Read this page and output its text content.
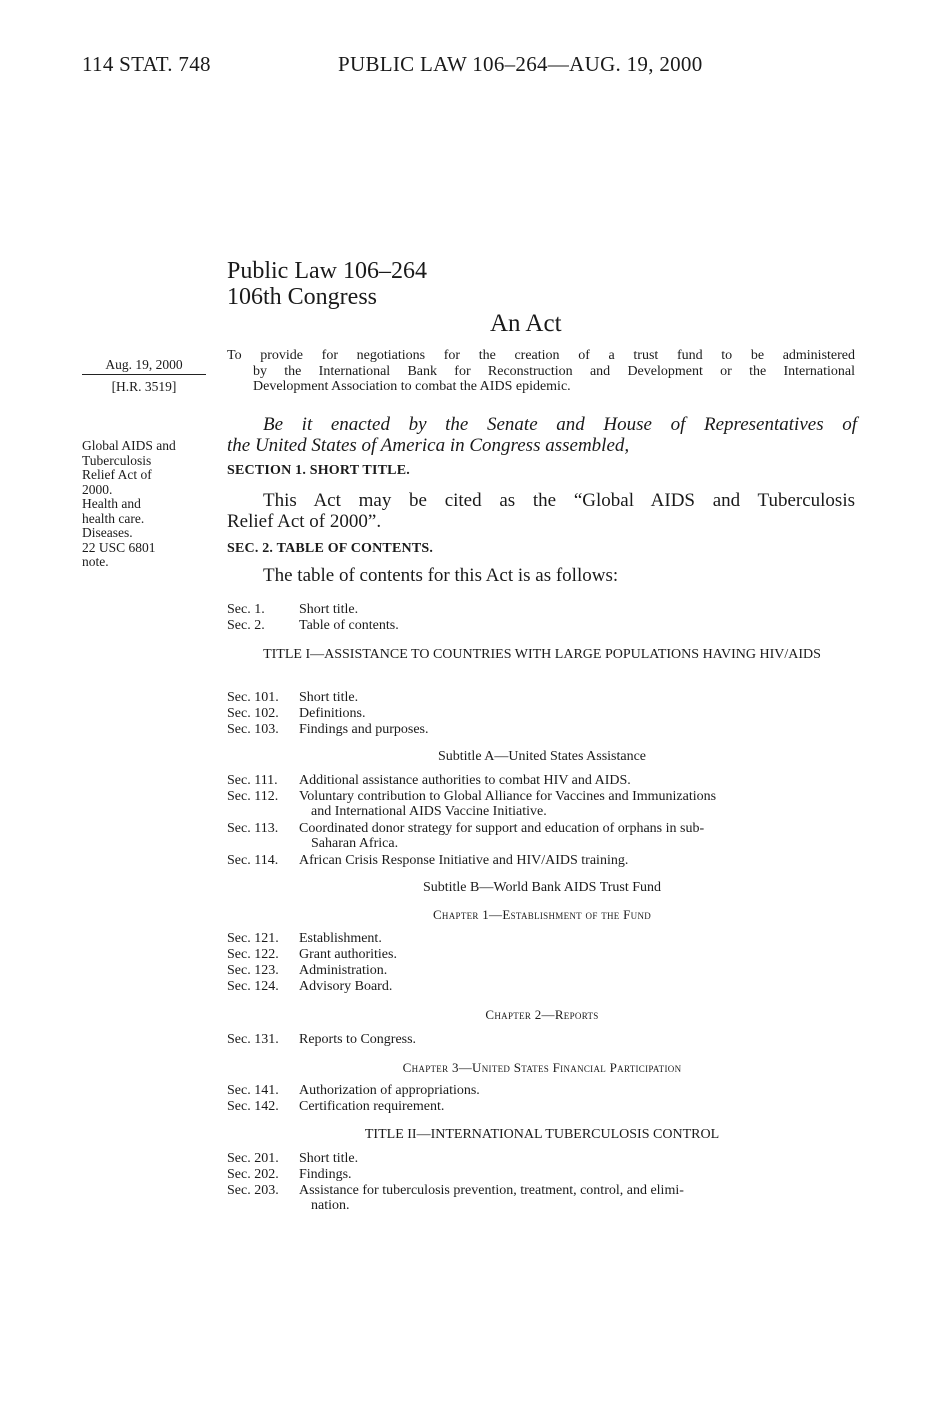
114 STAT. 748	PUBLIC LAW 106–264—AUG. 19, 2000
Public Law 106–264
106th Congress
An Act
Aug. 19, 2000
[H.R. 3519]
Global AIDS and
Tuberculosis
Relief Act of
2000.
Health and
health care.
Diseases.
22 USC 6801
note.
To provide for negotiations for the creation of a trust fund to be administered
by the International Bank for Reconstruction and Development or the International
Development Association to combat the AIDS epidemic.
Be it enacted by the Senate and House of Representatives of
the United States of America in Congress assembled,
SECTION 1. SHORT TITLE.
This Act may be cited as the “Global AIDS and Tuberculosis
Relief Act of 2000”.
SEC. 2. TABLE OF CONTENTS.
The table of contents for this Act is as follows:
Sec. 1. Short title.
Sec. 2. Table of contents.
TITLE I—ASSISTANCE TO COUNTRIES WITH LARGE POPULATIONS HAVING HIV/AIDS
Sec. 101. Short title.
Sec. 102. Definitions.
Sec. 103. Findings and purposes.
Subtitle A—United States Assistance
Sec. 111. Additional assistance authorities to combat HIV and AIDS.
Sec. 112. Voluntary contribution to Global Alliance for Vaccines and Immunizations
and International AIDS Vaccine Initiative.
Sec. 113. Coordinated donor strategy for support and education of orphans in sub-
Saharan Africa.
Sec. 114. African Crisis Response Initiative and HIV/AIDS training.
Subtitle B—World Bank AIDS Trust Fund
Chapter 1—Establishment of the Fund
Sec. 121. Establishment.
Sec. 122. Grant authorities.
Sec. 123. Administration.
Sec. 124. Advisory Board.
Chapter 2—Reports
Sec. 131. Reports to Congress.
Chapter 3—United States Financial Participation
Sec. 141. Authorization of appropriations.
Sec. 142. Certification requirement.
TITLE II—INTERNATIONAL TUBERCULOSIS CONTROL
Sec. 201. Short title.
Sec. 202. Findings.
Sec. 203. Assistance for tuberculosis prevention, treatment, control, and elimi-
nation.
